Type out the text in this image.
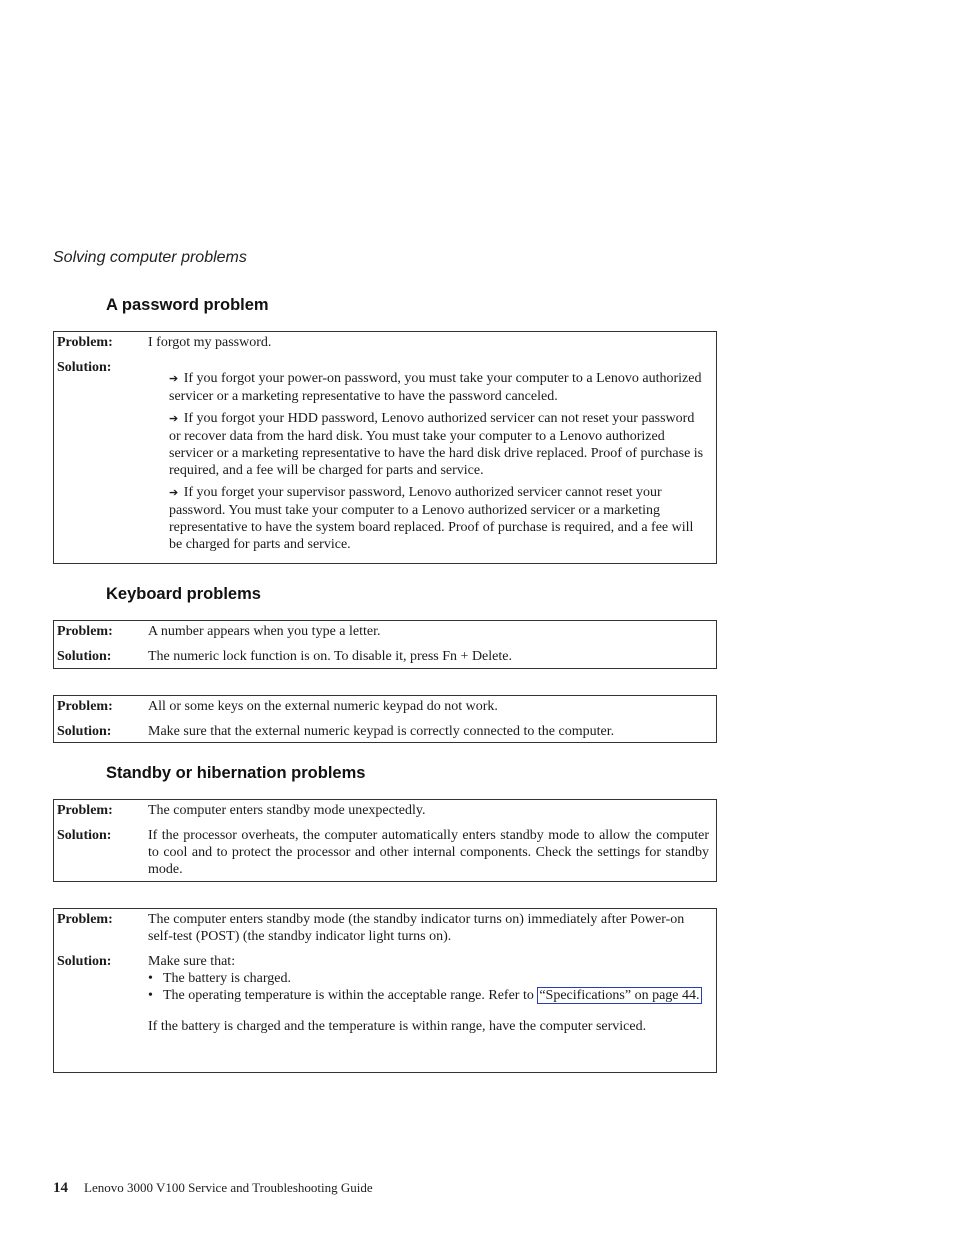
Solving computer problems
A password problem
Problem:	I forgot my password.
Solution:

➔ If you forgot your power-on password, you must take your computer to a Lenovo authorized servicer or a marketing representative to have the password canceled.

➔ If you forgot your HDD password, Lenovo authorized servicer can not reset your password or recover data from the hard disk. You must take your computer to a Lenovo authorized servicer or a marketing representative to have the hard disk drive replaced. Proof of purchase is required, and a fee will be charged for parts and service.

➔ If you forget your supervisor password, Lenovo authorized servicer cannot reset your password. You must take your computer to a Lenovo authorized servicer or a marketing representative to have the system board replaced. Proof of purchase is required, and a fee will be charged for parts and service.

Keyboard problems
Problem:	A number appears when you type a letter.
Solution:	The numeric lock function is on. To disable it, press Fn + Delete.
Problem:	All or some keys on the external numeric keypad do not work.
Solution:	Make sure that the external numeric keypad is correctly connected to the computer.
Standby or hibernation problems
Problem:	The computer enters standby mode unexpectedly.
Solution:	If the processor overheats, the computer automatically enters standby mode to allow the computer to cool and to protect the processor and other internal components. Check the settings for standby mode.
Problem:	The computer enters standby mode (the standby indicator turns on) immediately after Power-on self-test (POST) (the standby indicator light turns on).
Solution:	Make sure that:

• The battery is charged.
• The operating temperature is within the acceptable range. Refer to “Specifications” on page 44.

If the battery is charged and the temperature is within range, have the computer serviced.

14 Lenovo 3000 V100 Service and Troubleshooting Guide
